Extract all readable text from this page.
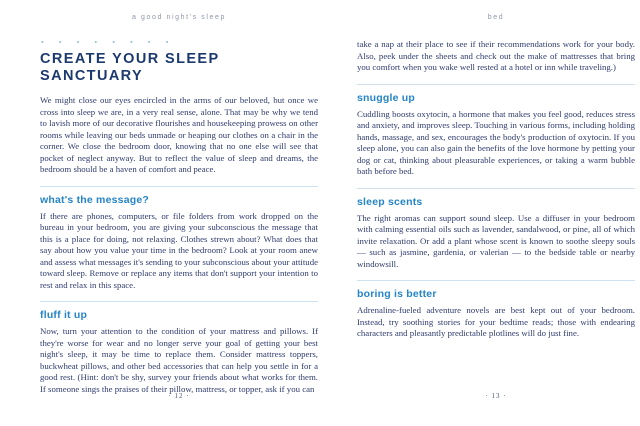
a good night's sleep
• • • • • • • •
CREATE YOUR SLEEP SANCTUARY

We might close our eyes encircled in the arms of our beloved, but once we cross into sleep we are, in a very real sense, alone. That may be why we tend to lavish more of our decorative flourishes and housekeeping prowess on other rooms while leaving our beds unmade or heaping our clothes on a chair in the corner. We close the bedroom door, knowing that no one else will see that pocket of neglect anyway. But to reflect the value of sleep and dreams, the bedroom should be a haven of comfort and peace.

what's the message?

If there are phones, computers, or file folders from work dropped on the bureau in your bedroom, you are giving your subconscious the message that this is a place for doing, not relaxing. Clothes strewn about? What does that say about how you value your time in the bedroom? Look at your room anew and assess what messages it's sending to your subconscious about your attitude toward sleep. Remove or replace any items that don't support your intention to rest and relax in this space.

fluff it up

Now, turn your attention to the condition of your mattress and pillows. If they're worse for wear and no longer serve your goal of getting your best night's sleep, it may be time to replace them. Consider mattress toppers, buckwheat pillows, and other bed accessories that can help you settle in for a good rest. (Hint: don't be shy, survey your friends about what works for them. If someone sings the praises of their pillow, mattress, or topper, ask if you can

· 12 ·
bed

take a nap at their place to see if their recommendations work for your body. Also, peek under the sheets and check out the make of mattresses that bring you comfort when you wake well rested at a hotel or inn while traveling.)

snuggle up

Cuddling boosts oxytocin, a hormone that makes you feel good, reduces stress and anxiety, and improves sleep. Touching in various forms, including holding hands, massage, and sex, encourages the body's production of oxytocin. If you sleep alone, you can also gain the benefits of the love hormone by petting your dog or cat, thinking about pleasurable experiences, or taking a warm bubble bath before bed.

sleep scents

The right aromas can support sound sleep. Use a diffuser in your bedroom with calming essential oils such as lavender, sandalwood, or pine, all of which invite relaxation. Or add a plant whose scent is known to soothe sleepy souls — such as jasmine, gardenia, or valerian — to the bedside table or nearby windowsill.

boring is better

Adrenaline-fueled adventure novels are best kept out of your bedroom. Instead, try soothing stories for your bedtime reads; those with endearing characters and pleasantly predictable plotlines will do just fine.

· 13 ·
